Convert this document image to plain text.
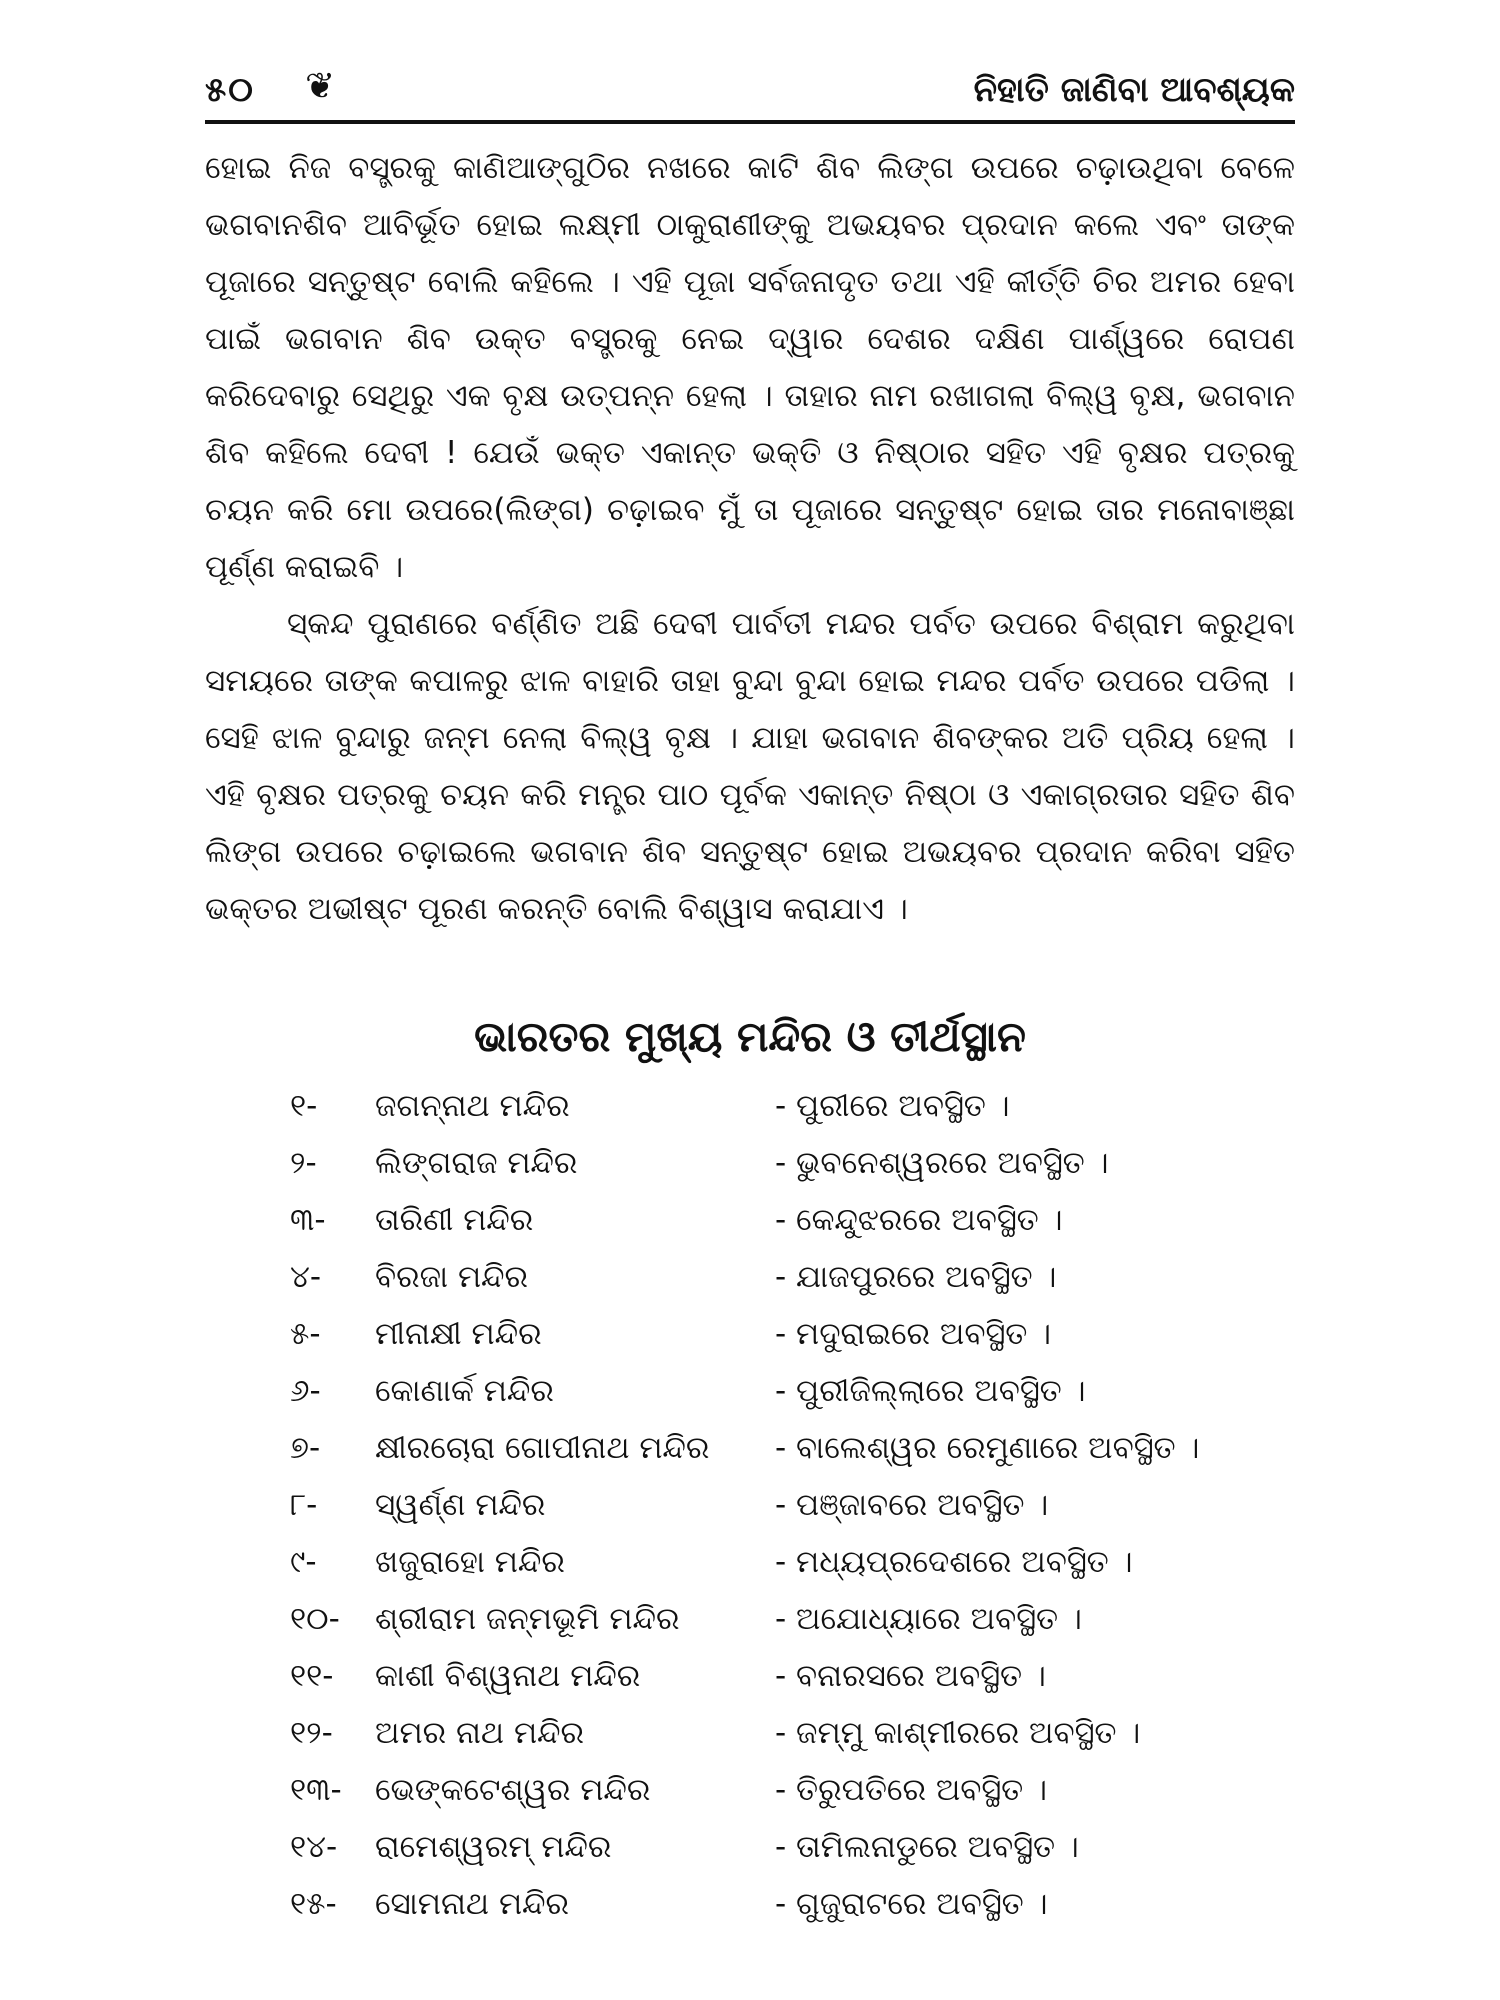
୫୦ ❦	ନିହାତି ଜାଣିବା ଆବଶ୍ୟକ

ହୋଇ ନିଜ ବସ୍ତ୍ରକୁ କାଣିଆଙ୍ଗୁଠିର ନଖରେ କାଟି ଶିବ ଲିଙ୍ଗ ଉପରେ ଚଢ଼ାଉଥିବା ବେଳେ ଭଗବାନଶିବ ଆବିର୍ଭୂତ ହୋଇ ଲକ୍ଷ୍ମୀ ଠାକୁରାଣୀଙ୍କୁ ଅଭୟବର ପ୍ରଦାନ କଲେ ଏବଂ ତାଙ୍କ ପୂଜାରେ ସନ୍ତୁଷ୍ଟ ବୋଲି କହିଲେ । ଏହି ପୂଜା ସର୍ବଜନାଦୃତ ତଥା ଏହି କୀର୍ତ୍ତି ଚିର ଅମର ହେବା ପାଇଁ ଭଗବାନ ଶିବ ଉକ୍ତ ବସ୍ତ୍ରକୁ ନେଇ ଦ୍ୱାର ଦେଶର ଦକ୍ଷିଣ ପାର୍ଶ୍ୱରେ ରୋପଣ କରିଦେବାରୁ ସେଥିରୁ ଏକ ବୃକ୍ଷ ଉତ୍ପନ୍ନ ହେଲା । ତାହାର ନାମ ରଖାଗଲା ବିଲ୍ୱ ବୃକ୍ଷ, ଭଗବାନ ଶିବ କହିଲେ ଦେବୀ ! ଯେଉଁ ଭକ୍ତ ଏକାନ୍ତ ଭକ୍ତି ଓ ନିଷ୍ଠାର ସହିତ ଏହି ବୃକ୍ଷର ପତ୍ରକୁ ଚୟନ କରି ମୋ ଉପରେ(ଲିଙ୍ଗ) ଚଢ଼ାଇବ ମୁଁ ତା ପୂଜାରେ ସନ୍ତୁଷ୍ଟ ହୋଇ ତାର ମନୋବାଞ୍ଛା ପୂର୍ଣ୍ଣ କରାଇବି ।

ସ୍କନ୍ଦ ପୁରାଣରେ ବର୍ଣ୍ଣିତ ଅଛି ଦେବୀ ପାର୍ବତୀ ମନ୍ଦର ପର୍ବତ ଉପରେ ବିଶ୍ରାମ କରୁଥିବା ସମୟରେ ତାଙ୍କ କପାଳରୁ ଝାଳ ବାହାରି ତାହା ବୁନ୍ଦା ବୁନ୍ଦା ହୋଇ ମନ୍ଦର ପର୍ବତ ଉପରେ ପଡିଲା । ସେହି ଝାଳ ବୁନ୍ଦାରୁ ଜନ୍ମ ନେଲା ବିଲ୍ୱ ବୃକ୍ଷ । ଯାହା ଭଗବାନ ଶିବଙ୍କର ଅତି ପ୍ରିୟ ହେଲା । ଏହି ବୃକ୍ଷର ପତ୍ରକୁ ଚୟନ କରି ମନ୍ତ୍ର ପାଠ ପୂର୍ବକ ଏକାନ୍ତ ନିଷ୍ଠା ଓ ଏକାଗ୍ରତାର ସହିତ ଶିବ ଲିଙ୍ଗ ଉପରେ ଚଢ଼ାଇଲେ ଭଗବାନ ଶିବ ସନ୍ତୁଷ୍ଟ ହୋଇ ଅଭୟବର ପ୍ରଦାନ କରିବା ସହିତ ଭକ୍ତର ଅଭୀଷ୍ଟ ପୂରଣ କରନ୍ତି ବୋଲି ବିଶ୍ୱାସ କରାଯାଏ ।

ଭାରତର ମୁଖ୍ୟ ମନ୍ଦିର ଓ ତୀର୍ଥସ୍ଥାନ
୧-	ଜଗନ୍ନାଥ ମନ୍ଦିର	- ପୁରୀରେ ଅବସ୍ଥିତ ।
୨-	ଲିଙ୍ଗରାଜ ମନ୍ଦିର	- ଭୁବନେଶ୍ୱରରେ ଅବସ୍ଥିତ ।
୩-	ତାରିଣୀ ମନ୍ଦିର	- କେନ୍ଦୁଝରରେ ଅବସ୍ଥିତ ।
୪-	ବିରଜା ମନ୍ଦିର	- ଯାଜପୁରରେ ଅବସ୍ଥିତ ।
୫-	ମୀନାକ୍ଷୀ ମନ୍ଦିର	- ମଦୁରାଇରେ ଅବସ୍ଥିତ ।
୬-	କୋଣାର୍କ ମନ୍ଦିର	- ପୁରୀଜିଲ୍ଲାରେ ଅବସ୍ଥିତ ।
୭-	କ୍ଷୀରଚୋରା ଗୋପୀନାଥ ମନ୍ଦିର - ବାଲେଶ୍ୱର ରେମୁଣାରେ ଅବସ୍ଥିତ ।
୮-	ସ୍ୱର୍ଣ୍ଣ ମନ୍ଦିର	- ପଞ୍ଜାବରେ ଅବସ୍ଥିତ ।
୯-	ଖଜୁରାହୋ ମନ୍ଦିର	- ମଧ୍ୟପ୍ରଦେଶରେ ଅବସ୍ଥିତ ।
୧୦-	ଶ୍ରୀରାମ ଜନ୍ମଭୂମି ମନ୍ଦିର	- ଅଯୋଧ୍ୟାରେ ଅବସ୍ଥିତ ।
୧୧-	କାଶୀ ବିଶ୍ୱନାଥ ମନ୍ଦିର	- ବନାରସରେ ଅବସ୍ଥିତ ।
୧୨-	ଅମର ନାଥ ମନ୍ଦିର	- ଜମ୍ମୁ କାଶ୍ମୀରରେ ଅବସ୍ଥିତ ।
୧୩-	ଭେଙ୍କଟେଶ୍ୱର ମନ୍ଦିର	- ତିରୁପତିରେ ଅବସ୍ଥିତ ।
୧୪-	ରାମେଶ୍ୱରମ୍ ମନ୍ଦିର	- ତାମିଲନାଡୁରେ ଅବସ୍ଥିତ ।
୧୫-	ସୋମନାଥ ମନ୍ଦିର	- ଗୁଜୁରାଟରେ ଅବସ୍ଥିତ ।
